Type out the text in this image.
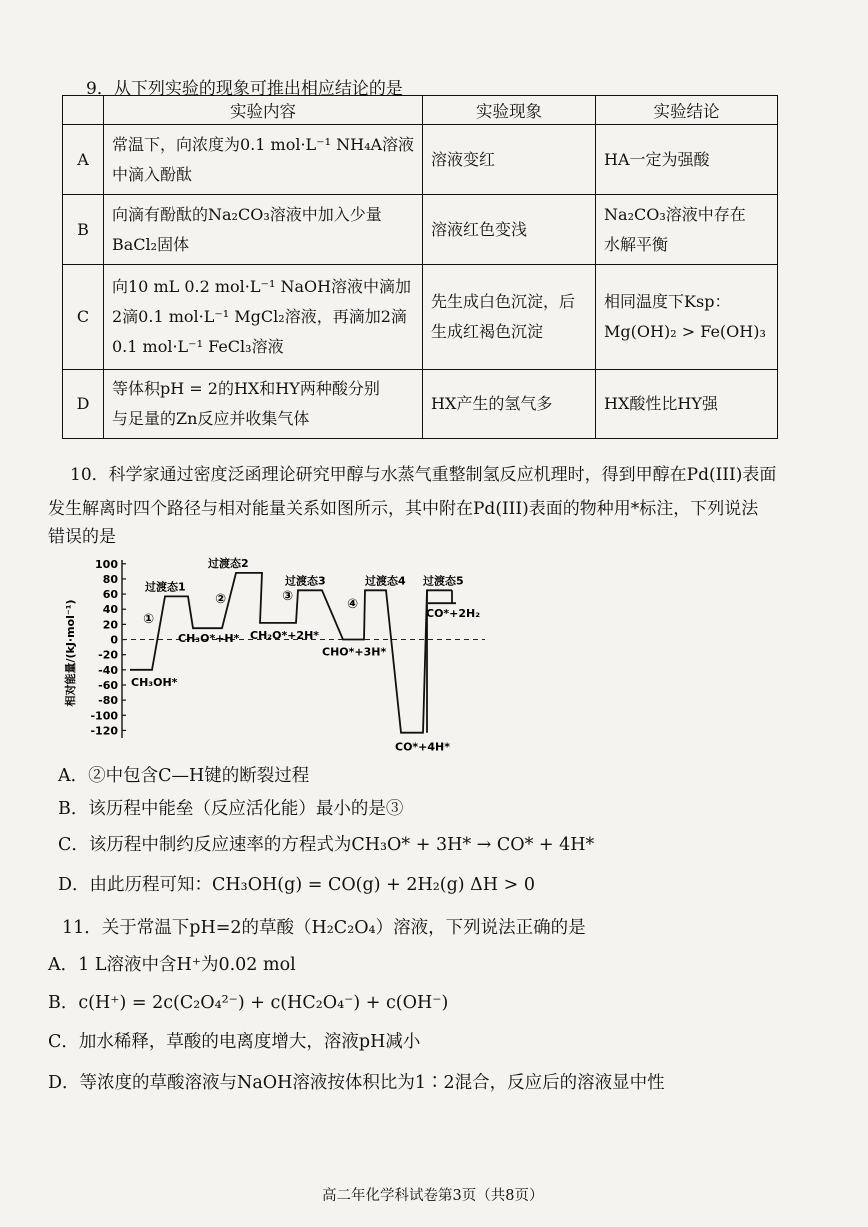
9．从下列实验的现象可推出相应结论的是
	实验内容	实验现象	实验结论
A	常温下，向浓度为0.1 mol·L⁻¹ NH₄A溶液
中滴入酚酞	溶液变红	HA一定为强酸

B	向滴有酚酞的Na₂CO₃溶液中加入少量
BaCl₂固体	溶液红色变浅	Na₂CO₃溶液中存在
水解平衡

C	向10 mL 0.2 mol·L⁻¹ NaOH溶液中滴加
2滴0.1 mol·L⁻¹ MgCl₂溶液，再滴加2滴
0.1 mol·L⁻¹ FeCl₃溶液	先生成白色沉淀，后
生成红褐色沉淀	相同温度下Ksp：
Mg(OH)₂ > Fe(OH)₃

D	等体积pH = 2的HX和HY两种酸分别
与足量的Zn反应并收集气体	HX产生的氢气多	HX酸性比HY强
10．科学家通过密度泛函理论研究甲醇与水蒸气重整制氢反应机理时，得到甲醇在Pd(III)表面
发生解离时四个路径与相对能量关系如图所示，其中附在Pd(III)表面的物种用*标注，下列说法
错误的是
相对能量/(kJ·mol⁻¹)
100
80
60
40
20
0
-20
-40
-60
-80
-100
-120
CH₃OH*
过渡态1
CH₃O*+H*
过渡态2
CH₂O*+2H*
过渡态3
CHO*+3H*
过渡态4
CO*+4H*
过渡态5
CO*+2H₂
①
②	③
④
A．②中包含C—H键的断裂过程
B．该历程中能垒（反应活化能）最小的是③
C．该历程中制约反应速率的方程式为CH₃O* + 3H* → CO* + 4H*
D．由此历程可知：CH₃OH(g) = CO(g) + 2H₂(g) ΔH > 0
11．关于常温下pH=2的草酸（H₂C₂O₄）溶液，下列说法正确的是
A．1 L溶液中含H⁺为0.02 mol
B．c(H⁺) = 2c(C₂O₄²⁻) + c(HC₂O₄⁻) + c(OH⁻)
C．加水稀释，草酸的电离度增大，溶液pH减小
D．等浓度的草酸溶液与NaOH溶液按体积比为1∶2混合，反应后的溶液显中性
高二年化学科试卷第3页（共8页）
